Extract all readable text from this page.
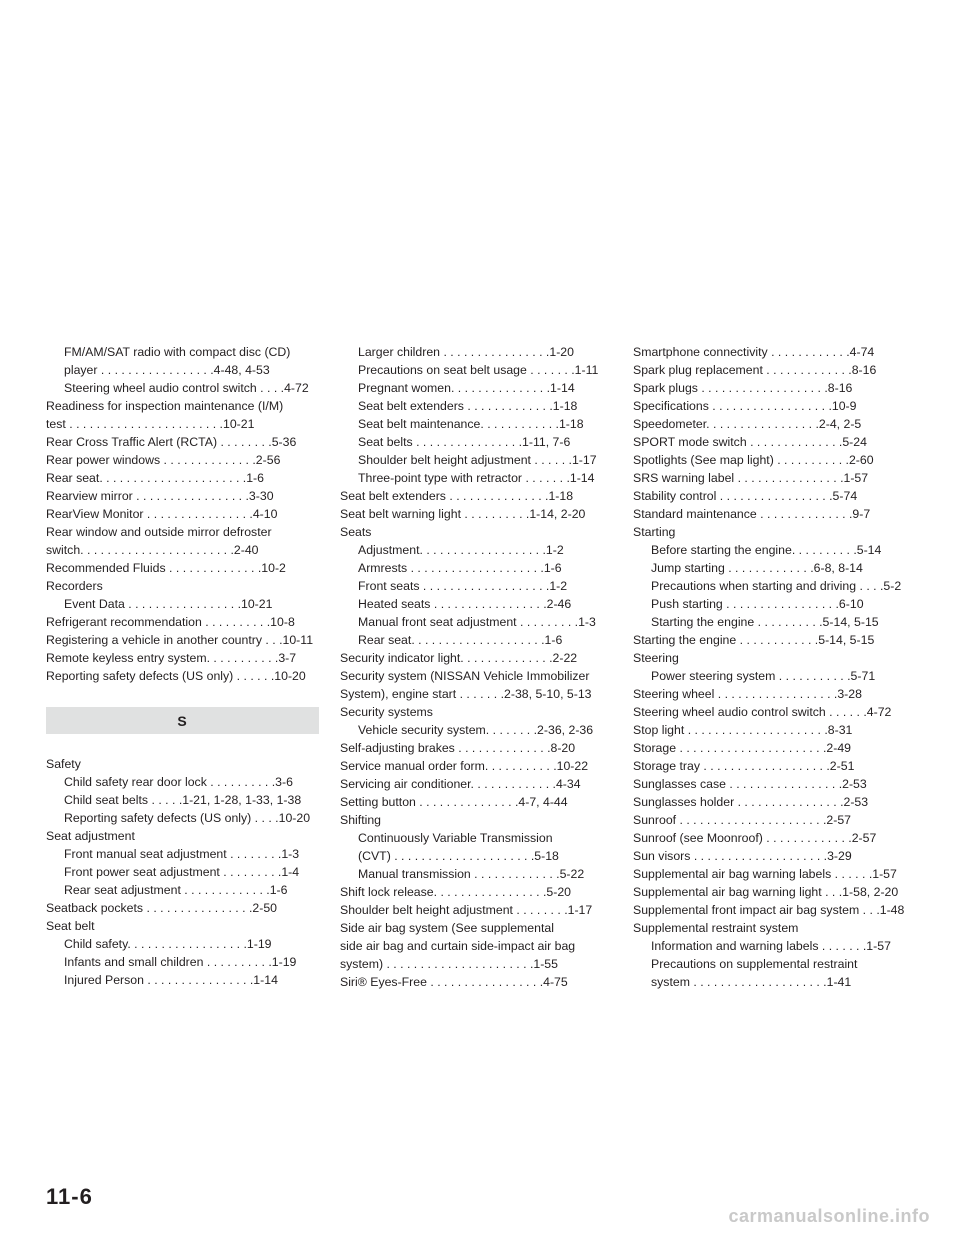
FM/AM/SAT radio with compact disc (CD)
player . . . . . . . . . . . . . . . . .4-48, 4-53
Steering wheel audio control switch . . . .4-72
Readiness for inspection maintenance (I/M)
test . . . . . . . . . . . . . . . . . . . . . . .10-21
Rear Cross Traffic Alert (RCTA) . . . . . . . .5-36
Rear power windows . . . . . . . . . . . . . .2-56
Rear seat. . . . . . . . . . . . . . . . . . . . . .1-6
Rearview mirror . . . . . . . . . . . . . . . . .3-30
RearView Monitor . . . . . . . . . . . . . . . .4-10
Rear window and outside mirror defroster
switch. . . . . . . . . . . . . . . . . . . . . . .2-40
Recommended Fluids . . . . . . . . . . . . . .10-2
Recorders
Event Data . . . . . . . . . . . . . . . . .10-21
Refrigerant recommendation . . . . . . . . . .10-8
Registering a vehicle in another country . . .10-11
Remote keyless entry system. . . . . . . . . . .3-7
Reporting safety defects (US only) . . . . . .10-20
S
Safety
Child safety rear door lock . . . . . . . . . .3-6
Child seat belts . . . . .1-21, 1-28, 1-33, 1-38
Reporting safety defects (US only) . . . .10-20
Seat adjustment
Front manual seat adjustment . . . . . . . .1-3
Front power seat adjustment . . . . . . . . .1-4
Rear seat adjustment . . . . . . . . . . . . .1-6
Seatback pockets . . . . . . . . . . . . . . . .2-50
Seat belt
Child safety. . . . . . . . . . . . . . . . . .1-19
Infants and small children . . . . . . . . . .1-19
Injured Person . . . . . . . . . . . . . . . .1-14
Larger children . . . . . . . . . . . . . . . .1-20
Precautions on seat belt usage . . . . . . .1-11
Pregnant women. . . . . . . . . . . . . . .1-14
Seat belt extenders . . . . . . . . . . . . .1-18
Seat belt maintenance. . . . . . . . . . . .1-18
Seat belts . . . . . . . . . . . . . . . .1-11, 7-6
Shoulder belt height adjustment . . . . . .1-17
Three-point type with retractor . . . . . . .1-14
Seat belt extenders . . . . . . . . . . . . . . .1-18
Seat belt warning light . . . . . . . . . .1-14, 2-20
Seats
Adjustment. . . . . . . . . . . . . . . . . . .1-2
Armrests . . . . . . . . . . . . . . . . . . . .1-6
Front seats . . . . . . . . . . . . . . . . . . .1-2
Heated seats . . . . . . . . . . . . . . . . .2-46
Manual front seat adjustment . . . . . . . . .1-3
Rear seat. . . . . . . . . . . . . . . . . . . .1-6
Security indicator light. . . . . . . . . . . . . .2-22
Security system (NISSAN Vehicle Immobilizer
System), engine start . . . . . . .2-38, 5-10, 5-13
Security systems
Vehicle security system. . . . . . . .2-36, 2-36
Self-adjusting brakes . . . . . . . . . . . . . .8-20
Service manual order form. . . . . . . . . . .10-22
Servicing air conditioner. . . . . . . . . . . . .4-34
Setting button . . . . . . . . . . . . . . .4-7, 4-44
Shifting
Continuously Variable Transmission
(CVT) . . . . . . . . . . . . . . . . . . . . .5-18
Manual transmission . . . . . . . . . . . . .5-22
Shift lock release. . . . . . . . . . . . . . . . .5-20
Shoulder belt height adjustment . . . . . . . .1-17
Side air bag system (See supplemental
side air bag and curtain side-impact air bag
system) . . . . . . . . . . . . . . . . . . . . . .1-55
Siri® Eyes-Free . . . . . . . . . . . . . . . . .4-75
Smartphone connectivity . . . . . . . . . . . .4-74
Spark plug replacement . . . . . . . . . . . . .8-16
Spark plugs . . . . . . . . . . . . . . . . . . .8-16
Specifications . . . . . . . . . . . . . . . . . .10-9
Speedometer. . . . . . . . . . . . . . . . .2-4, 2-5
SPORT mode switch . . . . . . . . . . . . . .5-24
Spotlights (See map light) . . . . . . . . . . .2-60
SRS warning label . . . . . . . . . . . . . . . .1-57
Stability control . . . . . . . . . . . . . . . . .5-74
Standard maintenance . . . . . . . . . . . . . .9-7
Starting
Before starting the engine. . . . . . . . . .5-14
Jump starting . . . . . . . . . . . . .6-8, 8-14
Precautions when starting and driving . . . .5-2
Push starting . . . . . . . . . . . . . . . . .6-10
Starting the engine . . . . . . . . . .5-14, 5-15
Starting the engine . . . . . . . . . . . .5-14, 5-15
Steering
Power steering system . . . . . . . . . . .5-71
Steering wheel . . . . . . . . . . . . . . . . . .3-28
Steering wheel audio control switch . . . . . .4-72
Stop light . . . . . . . . . . . . . . . . . . . . .8-31
Storage . . . . . . . . . . . . . . . . . . . . . .2-49
Storage tray . . . . . . . . . . . . . . . . . . .2-51
Sunglasses case . . . . . . . . . . . . . . . . .2-53
Sunglasses holder . . . . . . . . . . . . . . . .2-53
Sunroof . . . . . . . . . . . . . . . . . . . . . .2-57
Sunroof (see Moonroof) . . . . . . . . . . . . .2-57
Sun visors . . . . . . . . . . . . . . . . . . . .3-29
Supplemental air bag warning labels . . . . . .1-57
Supplemental air bag warning light . . .1-58, 2-20
Supplemental front impact air bag system . . .1-48
Supplemental restraint system
Information and warning labels . . . . . . .1-57
Precautions on supplemental restraint
system . . . . . . . . . . . . . . . . . . . .1-41
11-6
carmanualsonline.info
